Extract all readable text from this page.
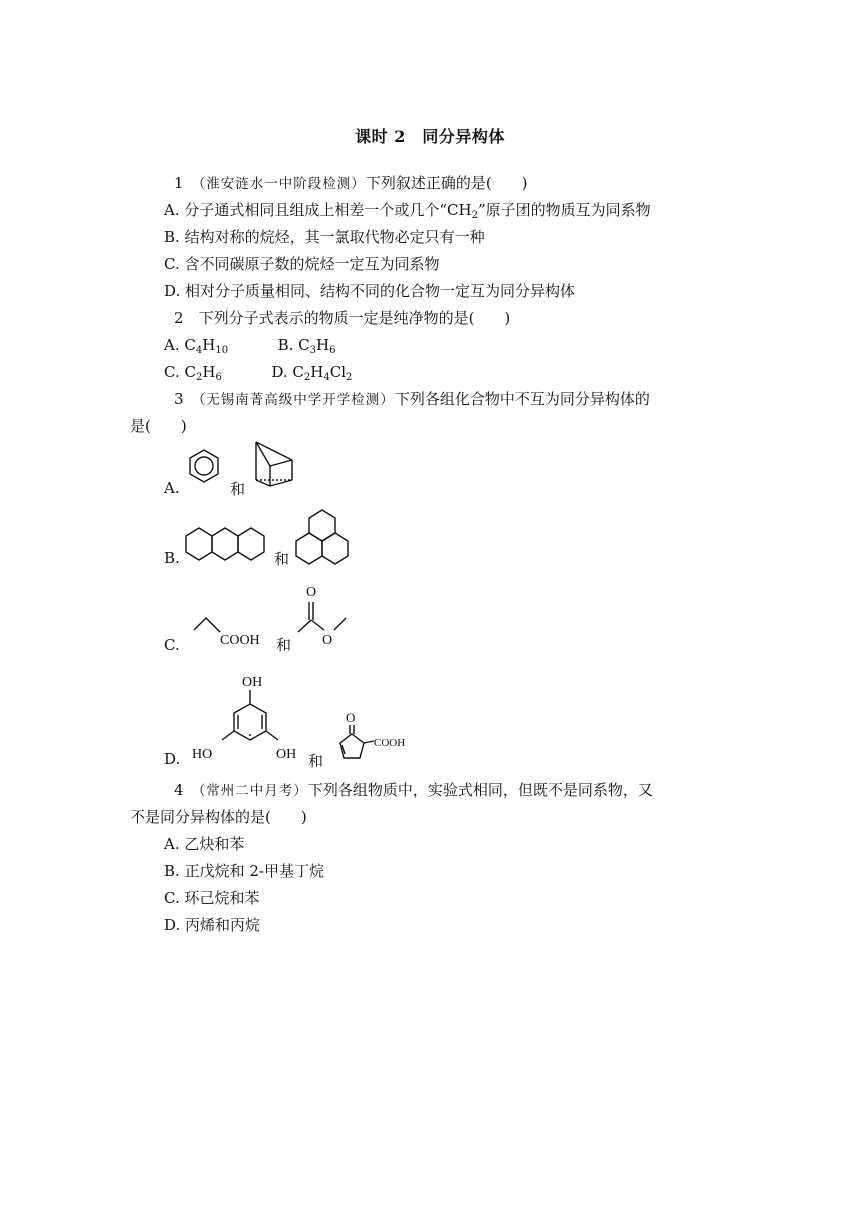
课时 2　同分异构体
1　 （淮安涟水一中阶段检测）下列叙述正确的是(　　)
A. 分子通式相同且组成上相差一个或几个“$CH_2$”原子团的物质互为同系物
B. 结构对称的烷烃，其一氯取代物必定只有一种
C. 含不同碳原子数的烷烃一定互为同系物
D. 相对分子质量相同、结构不同的化合物一定互为同分异构体
2　 下列分子式表示的物质一定是纯净物的是(　　)
A. $C_4H_{10}$	B. $C_3H_6$
C. $C_2H_6$	D. $C_2H_4Cl_2$
3　 （无锡南菁高级中学开学检测）下列各组化合物中不互为同分异构体的
是(　　)
A.	和
B.	和
C.	COOH 和
O
O
D.
OH
HO	OH 和
O
COOH
4　 （常州二中月考）下列各组物质中，实验式相同，但既不是同系物，又
不是同分异构体的是(　　)
A. 乙炔和苯
B. 正戊烷和 2-甲基丁烷
C. 环己烷和苯
D. 丙烯和丙烷
